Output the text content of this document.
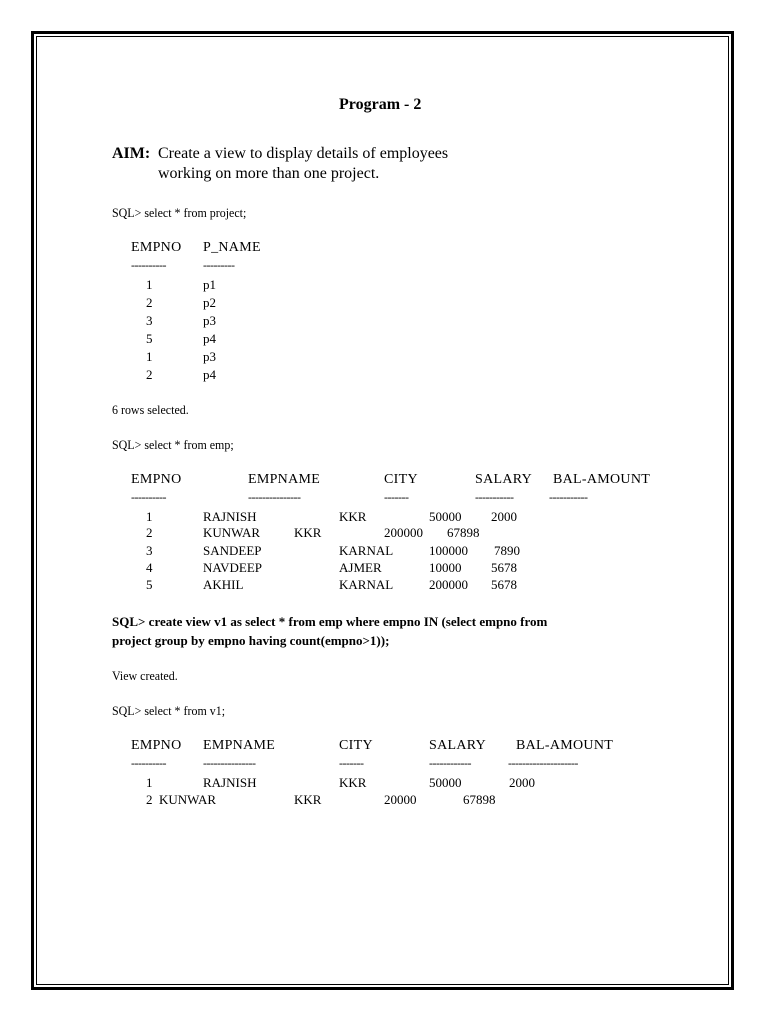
Program - 2
AIM: Create a view to display details of employees
working on more than one project.
SQL> select * from project;
EMPNO P_NAME
----------	---------
1	p1
2	p2
3	p3
5	p4
1	p3
2	p4
6 rows selected.
SQL> select * from emp;
EMPNO	EMPNAME	CITY	SALARY BAL-AMOUNT
----------	---------------	-------	-----------	-----------
1	RAJNISH	KKR	50000 2000
2	KUNWAR	KKR	200000 67898
3	SANDEEP	KARNAL	100000 7890
4	NAVDEEP	AJMER	10000 5678
5	AKHIL	KARNAL	200000 5678
SQL> create view v1 as select * from emp where empno IN (select empno from
project group by empno having count(empno>1));
View created.
SQL> select * from v1;
EMPNO EMPNAME	CITY	SALARY BAL-AMOUNT
----------	---------------	-------	------------	--------------------
1	RAJNISH	KKR	50000	2000
2 KUNWAR	KKR	20000	67898
